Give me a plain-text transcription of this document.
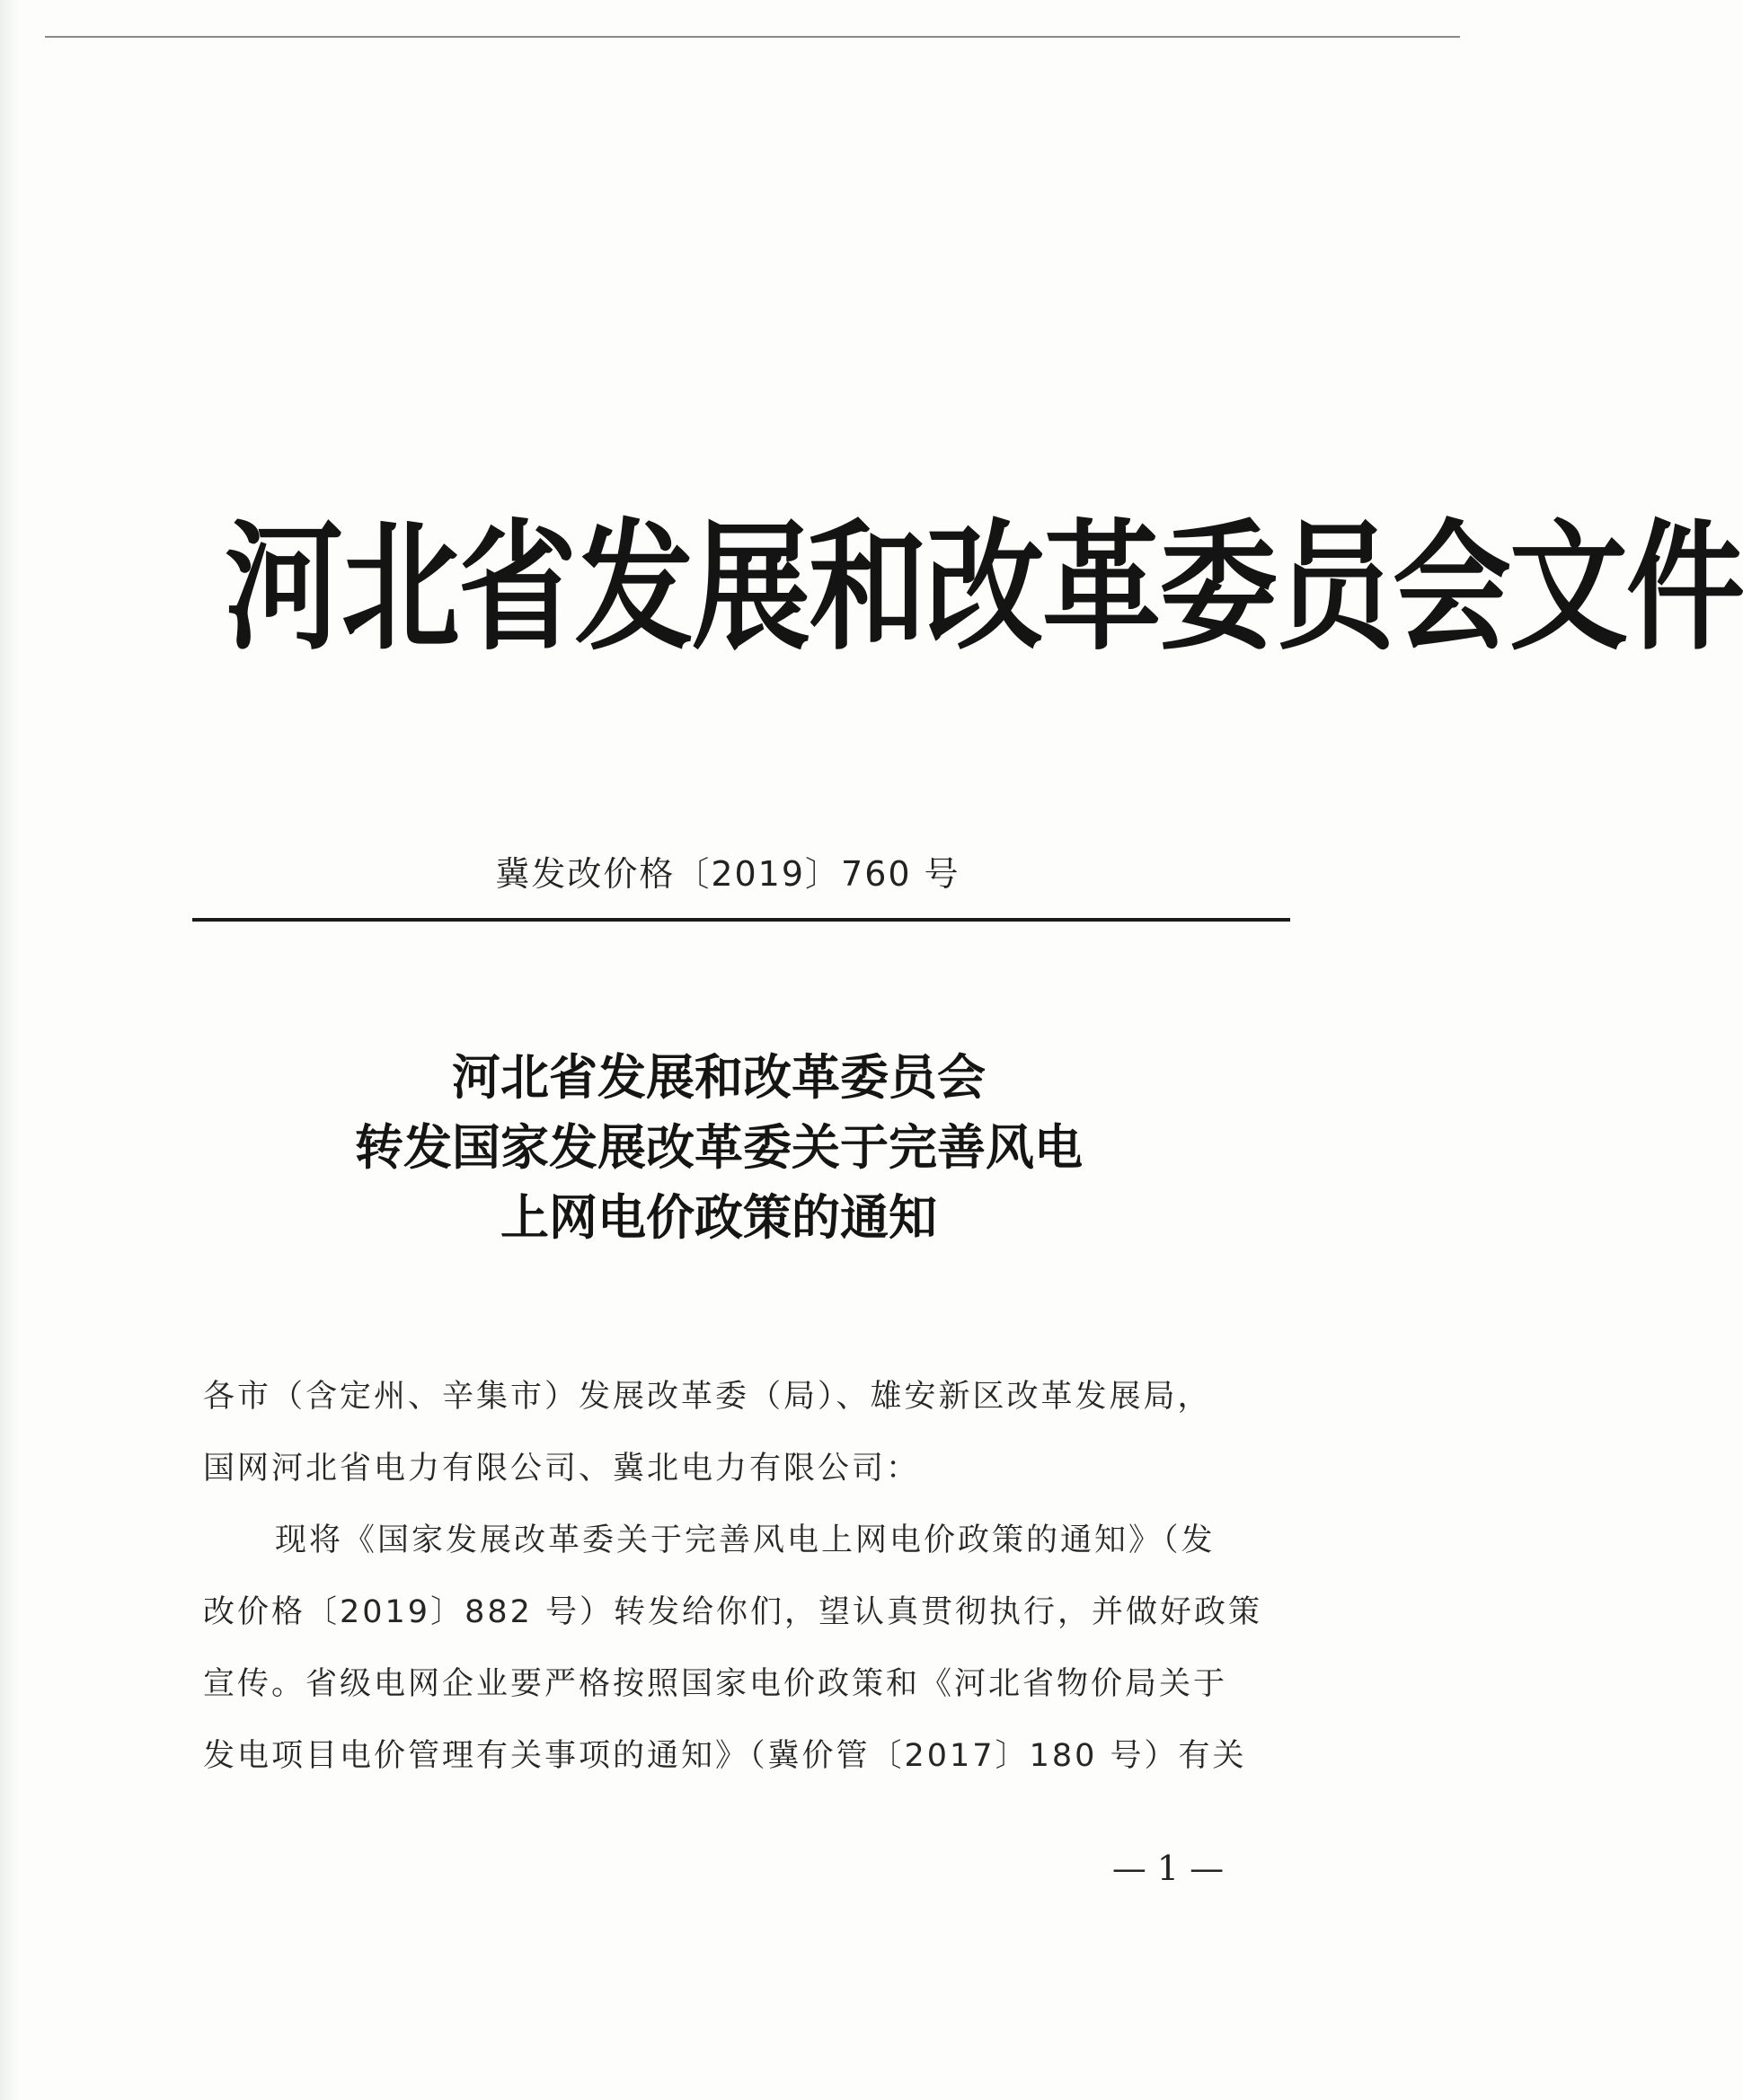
河北省发展和改革委员会文件
冀发改价格〔2019〕760 号
河北省发展和改革委员会
转发国家发展改革委关于完善风电
上网电价政策的通知
各市（含定州、辛集市）发展改革委（局）、雄安新区改革发展局，
国网河北省电力有限公司、冀北电力有限公司：
现将《国家发展改革委关于完善风电上网电价政策的通知》（发
改价格〔2019〕882 号）转发给你们，望认真贯彻执行，并做好政策
宣传。省级电网企业要严格按照国家电价政策和《河北省物价局关于
发电项目电价管理有关事项的通知》（冀价管〔2017〕180 号）有关
— 1 —
